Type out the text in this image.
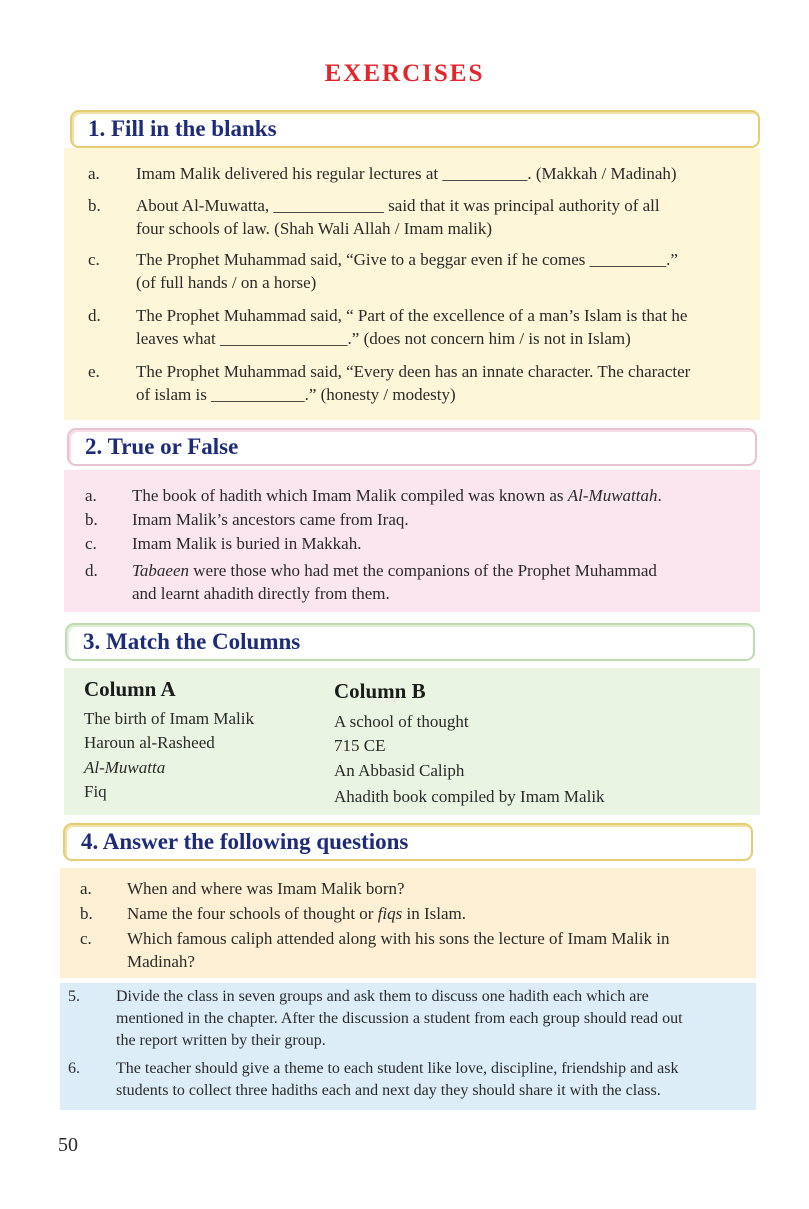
EXERCISES
1. Fill in the blanks
a. Imam Malik delivered his regular lectures at __________. (Makkah / Madinah)
b. About Al-Muwatta, _____________ said that it was principal authority of all
four schools of law. (Shah Wali Allah / Imam malik)
c. The Prophet Muhammad said, “Give to a beggar even if he comes _________.”
(of full hands / on a horse)
d. The Prophet Muhammad said, “ Part of the excellence of a man’s Islam is that he
leaves what _______________.” (does not concern him / is not in Islam)
e. The Prophet Muhammad said, “Every deen has an innate character. The character
of islam is ___________.” (honesty / modesty)
2. True or False
a. The book of hadith which Imam Malik compiled was known as Al-Muwattah.
b. Imam Malik’s ancestors came from Iraq.
c. Imam Malik is buried in Makkah.
d. Tabaeen were those who had met the companions of the Prophet Muhammad
and learnt ahadith directly from them.
3. Match the Columns
Column A	Column B
The birth of Imam Malik
Haroun al-Rasheed
Al-Muwatta
Fiq
A school of thought
715 CE
An Abbasid Caliph
Ahadith book compiled by Imam Malik
4. Answer the following questions
a. When and where was Imam Malik born?
b. Name the four schools of thought or fiqs in Islam.
c. Which famous caliph attended along with his sons the lecture of Imam Malik in
Madinah?
5. Divide the class in seven groups and ask them to discuss one hadith each which are
mentioned in the chapter. After the discussion a student from each group should read out
the report written by their group.
6. The teacher should give a theme to each student like love, discipline, friendship and ask
students to collect three hadiths each and next day they should share it with the class.
50
